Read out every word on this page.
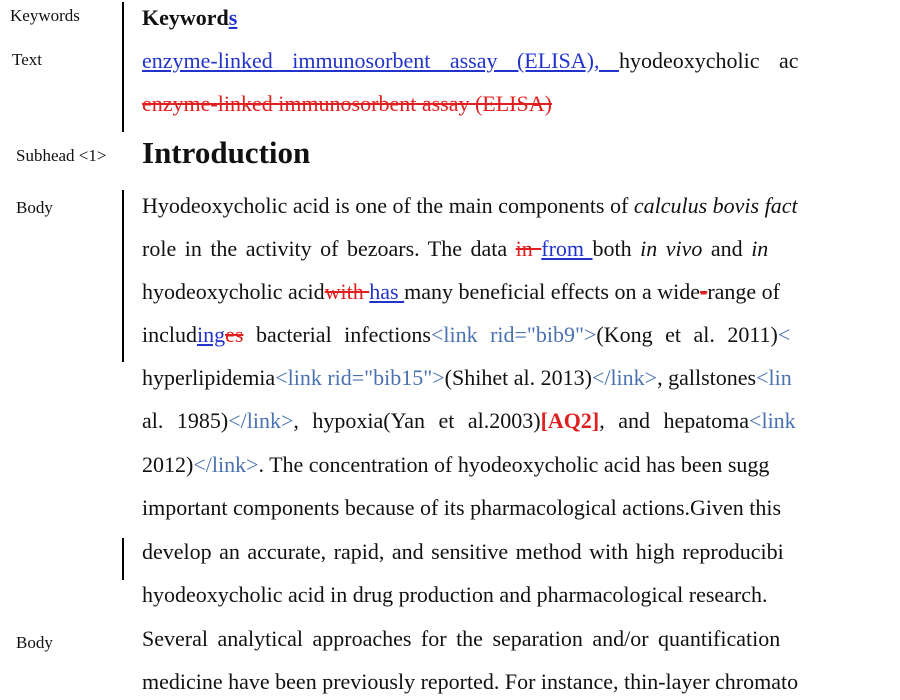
Keywords
Text
Subhead <1>
Body
Body
Keywords
enzyme-linked immunosorbent assay (ELISA), hyodeoxycholic ac
enzyme-linked immunosorbent assay (ELISA)
Introduction
Hyodeoxycholic acid is one of the main components of calculus bovis fact
role in the activity of bezoars. The data in from both in vivo and in
hyodeoxycholic acidwith has many beneficial effects on a wide-range of
includinges bacterial infections<link rid="bib9">(Kong et al. 2011)<
hyperlipidemia<link rid="bib15">(Shihet al. 2013)</link>, gallstones<lin
al. 1985)</link>, hypoxia(Yan et al.2003)[AQ2], and hepatoma<link
2012)</link>. The concentration of hyodeoxycholic acid has been sugg
important components because of its pharmacological actions.Given this
develop an accurate, rapid, and sensitive method with high reproducibi
hyodeoxycholic acid in drug production and pharmacological research.
Several analytical approaches for the separation and/or quantification
medicine have been previously reported. For instance, thin-layer chromato
